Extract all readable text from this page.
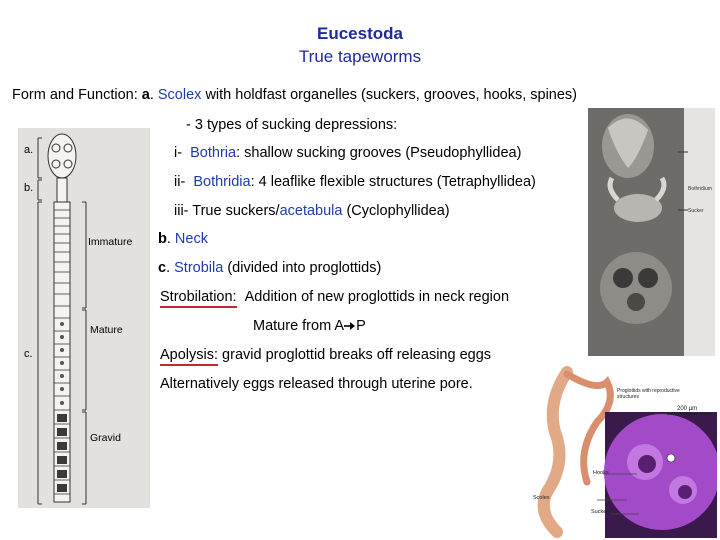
Eucestoda
True tapeworms
Form and Function: a. Scolex with holdfast organelles (suckers, grooves, hooks, spines)
- 3 types of sucking depressions:
i- Bothria: shallow sucking grooves (Pseudophyllidea)
ii- Bothridia: 4 leaflike flexible structures (Tetraphyllidea)
iii- True suckers/acetabula (Cyclophyllidea)
b. Neck
c. Strobila (divided into proglottids)
Strobilation: Addition of new proglottids in neck region
Mature from A P
Apolysis: gravid proglottid breaks off releasing eggs
Alternatively eggs released through uterine pore.
a.
b.
c.
Immature
Mature
Gravid
Bothridium
Sucker
Proglottids with reproductive structures
200 µm
Hooks
Scolex
Sucker
